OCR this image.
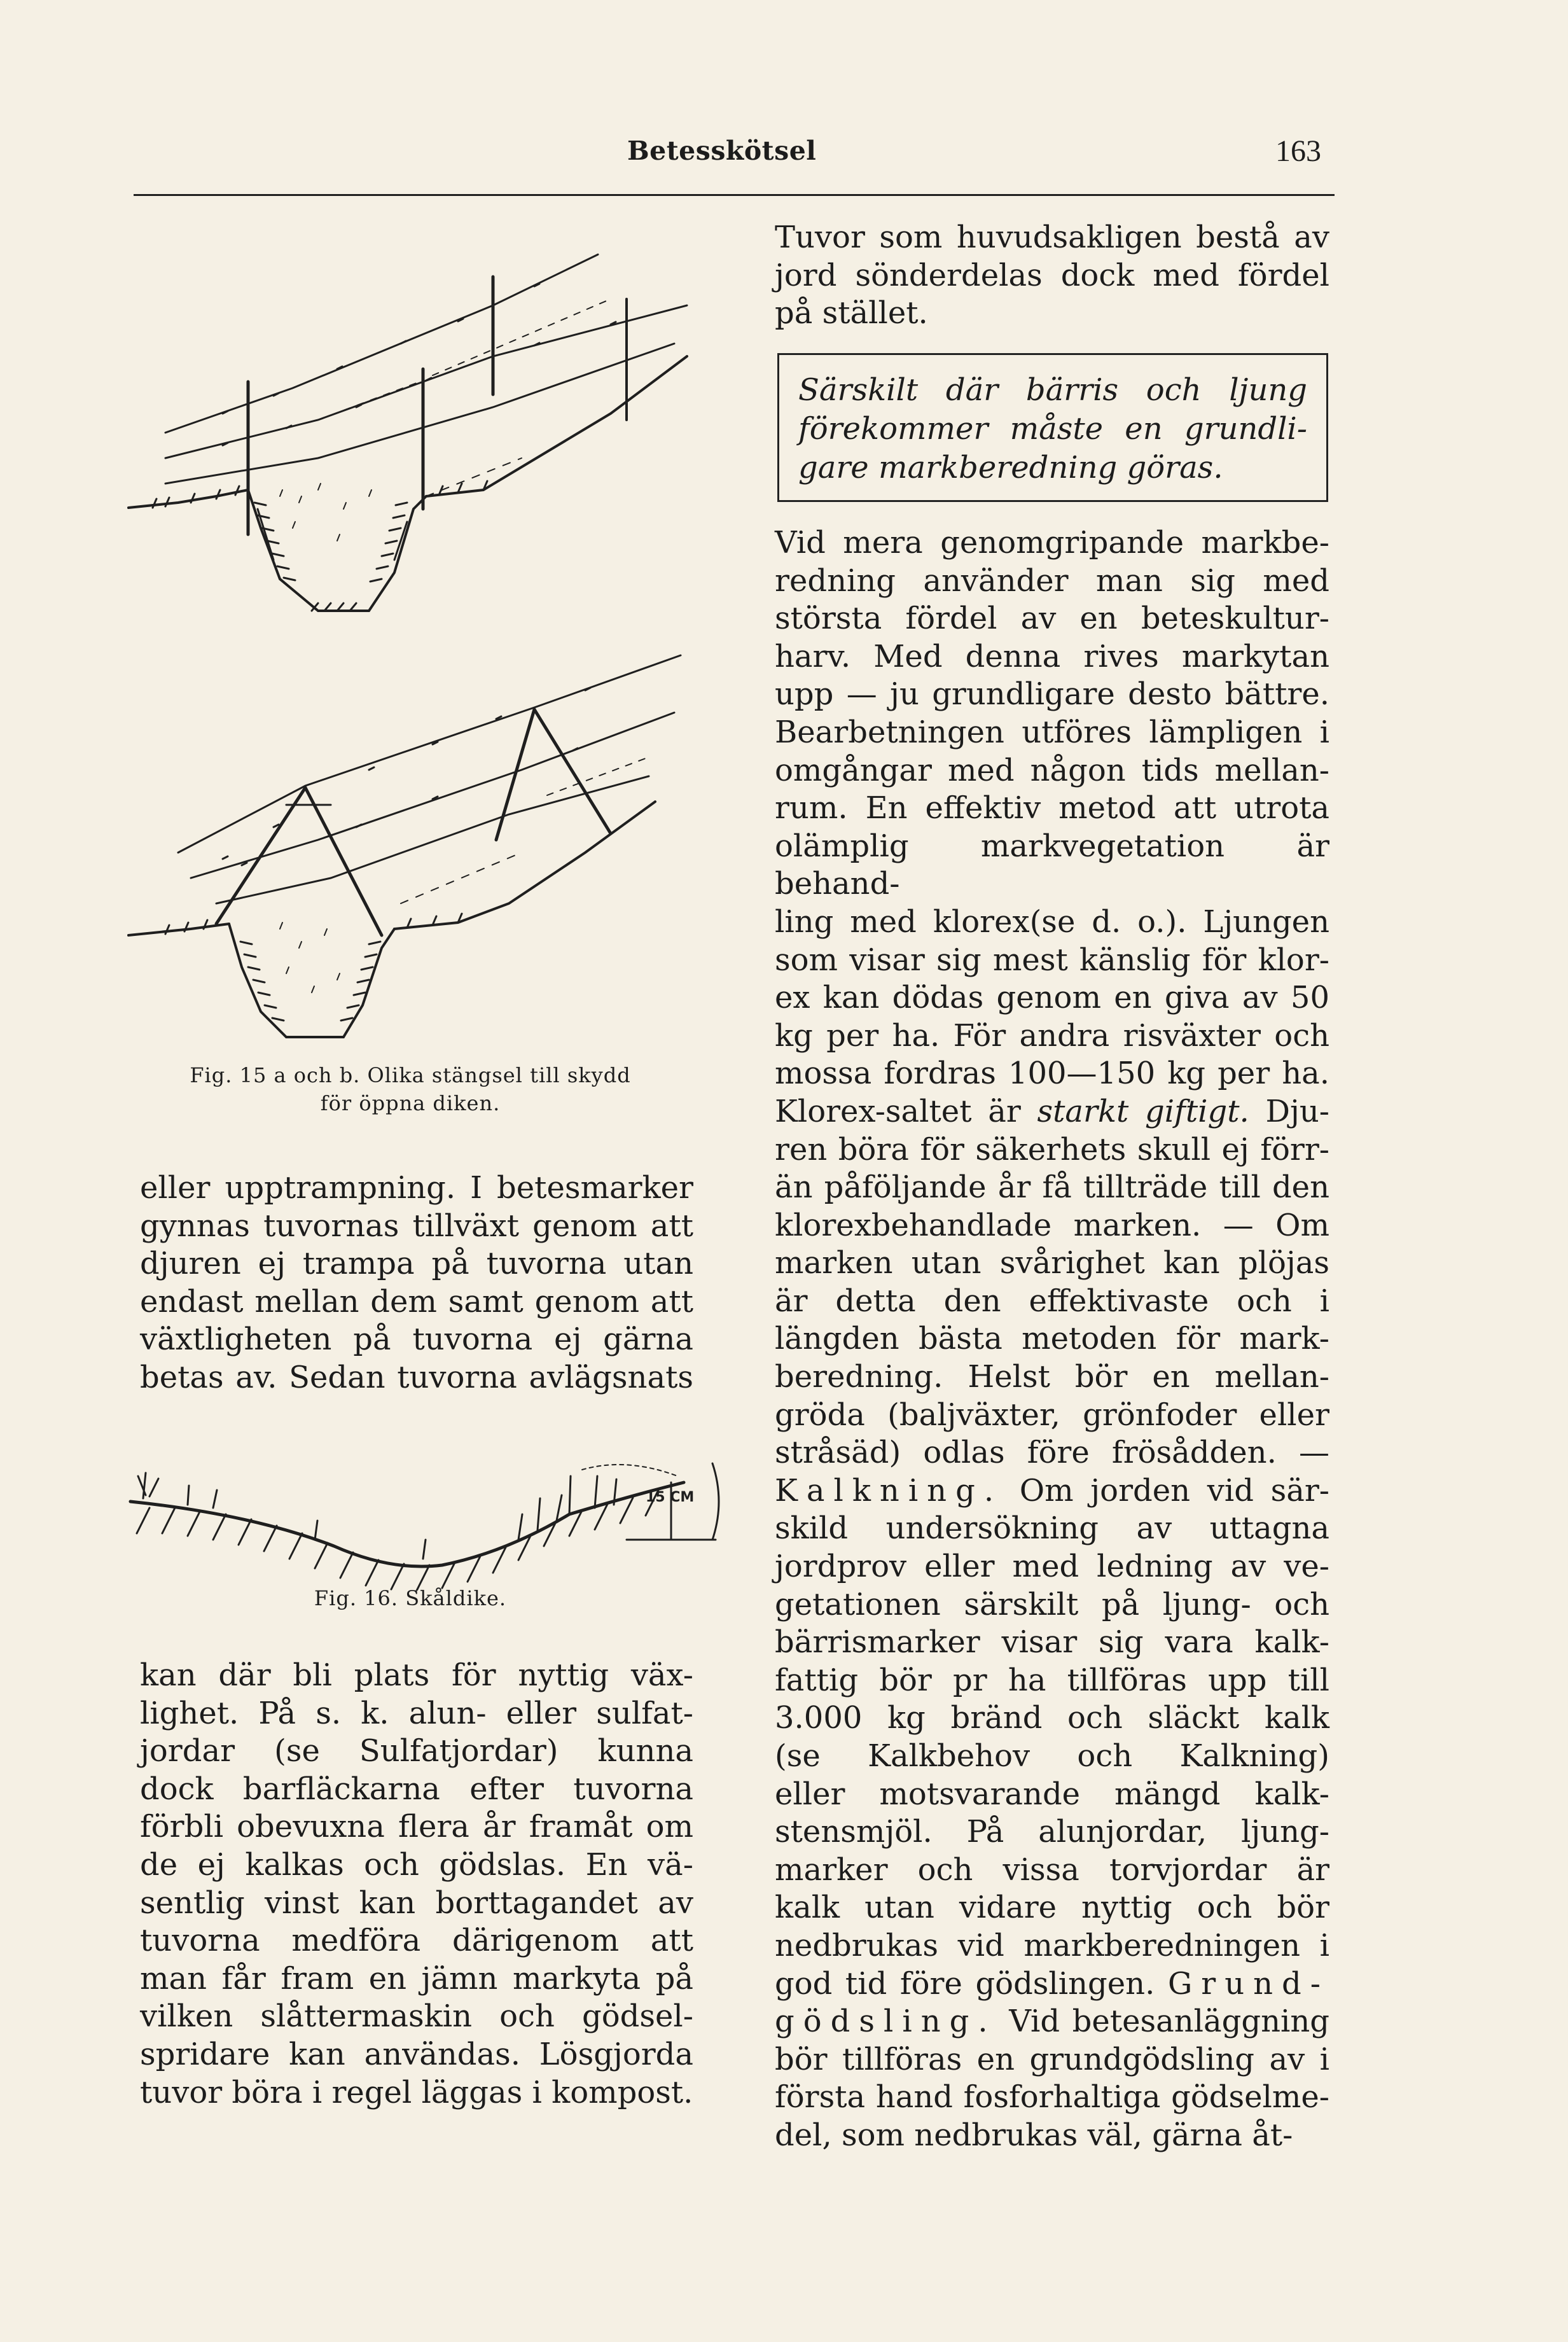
Betesskötsel	163
Fig. 15 a och b. Olika stängsel till skydd
för öppna diken.

eller upptrampning. I betesmarker

gynnas tuvornas tillväxt genom att

djuren ej trampa på tuvorna utan

endast mellan dem samt genom att

växtligheten på tuvorna ej gärna

betas av. Sedan tuvorna avlägsnats

15 CM
Fig. 16. Skåldike.

kan där bli plats för nyttig väx-

lighet. På s. k. alun- eller sulfat-

jordar (se Sulfatjordar) kunna

dock barfläckarna efter tuvorna

förbli obevuxna flera år framåt om

de ej kalkas och gödslas. En vä-

sentlig vinst kan borttagandet av

tuvorna medföra därigenom att

man får fram en jämn markyta på

vilken slåttermaskin och gödsel-

spridare kan användas. Lösgjorda

tuvor böra i regel läggas i kompost.

Tuvor som huvudsakligen bestå av

jord sönderdelas dock med fördel

på stället.

Särskilt där bärris och ljung

förekommer måste en grundli-

gare markberedning göras.

Vid mera genomgripande markbe-

redning använder man sig med

största fördel av en beteskultur-

harv. Med denna rives markytan

upp — ju grundligare desto bättre.

Bearbetningen utföres lämpligen i

omgångar med någon tids mellan-

rum. En effektiv metod att utrota

olämplig markvegetation är behand-

ling med klorex(se d. o.). Ljungen

som visar sig mest känslig för klor-

ex kan dödas genom en giva av 50

kg per ha. För andra risväxter och

mossa fordras 100—150 kg per ha.

Klorex-saltet är starkt giftigt. Dju-

ren böra för säkerhets skull ej förr-

än påföljande år få tillträde till den

klorexbehandlade marken. — Om

marken utan svårighet kan plöjas

är detta den effektivaste och i

längden bästa metoden för mark-

beredning. Helst bör en mellan-

gröda (baljväxter, grönfoder eller

stråsäd) odlas före frösådden. —

Kalkning. Om jorden vid sär-

skild undersökning av uttagna

jordprov eller med ledning av ve-

getationen särskilt på ljung- och

bärrismarker visar sig vara kalk-

fattig bör pr ha tillföras upp till

3.000 kg bränd och släckt kalk

(se Kalkbehov och Kalkning)

eller motsvarande mängd kalk-

stensmjöl. På alunjordar, ljung-

marker och vissa torvjordar är

kalk utan vidare nyttig och bör

nedbrukas vid markberedningen i

god tid före gödslingen. Grund-

gödsling. Vid betesanläggning

bör tillföras en grundgödsling av i

första hand fosforhaltiga gödselme-

del, som nedbrukas väl, gärna åt-
